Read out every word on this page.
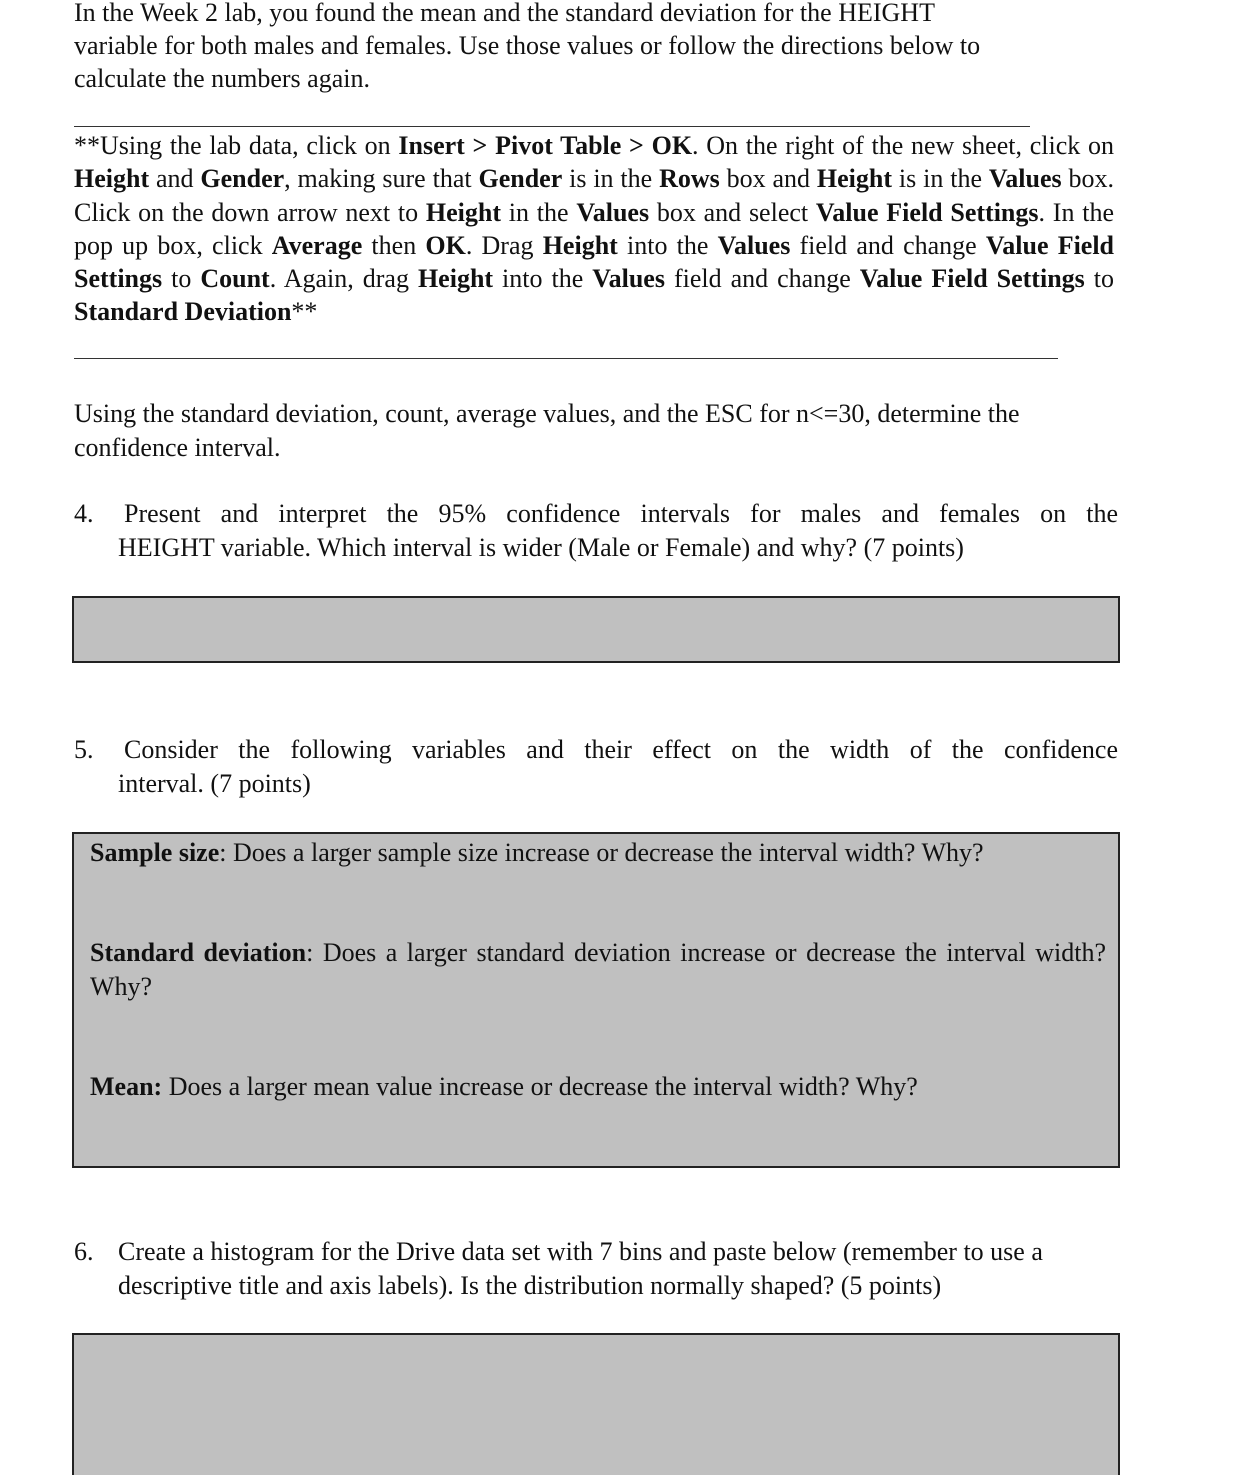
In the Week 2 lab, you found the mean and the standard deviation for the HEIGHT
variable for both males and females. Use those values or follow the directions below to
calculate the numbers again.

**Using the lab data, click on Insert > Pivot Table > OK. On the right of the new sheet, click on Height and Gender, making sure that Gender is in the Rows box and Height is in the Values box. Click on the down arrow next to Height in the Values box and select Value Field Settings. In the pop up box, click Average then OK. Drag Height into the Values field and change Value Field Settings to Count. Again, drag Height into the Values field and change Value Field Settings to Standard Deviation**

Using the standard deviation, count, average values, and the ESC for n<=30, determine the confidence interval.

4. Present and interpret the 95% confidence intervals for males and females on the
HEIGHT variable. Which interval is wider (Male or Female) and why? (7 points)
5. Consider the following variables and their effect on the width of the confidence
interval. (7 points)

Sample size: Does a larger sample size increase or decrease the interval width? Why?

Standard deviation: Does a larger standard deviation increase or decrease the interval width? Why?

Mean: Does a larger mean value increase or decrease the interval width? Why?

6. Create a histogram for the Drive data set with 7 bins and paste below (remember to use a descriptive title and axis labels). Is the distribution normally shaped? (5 points)
